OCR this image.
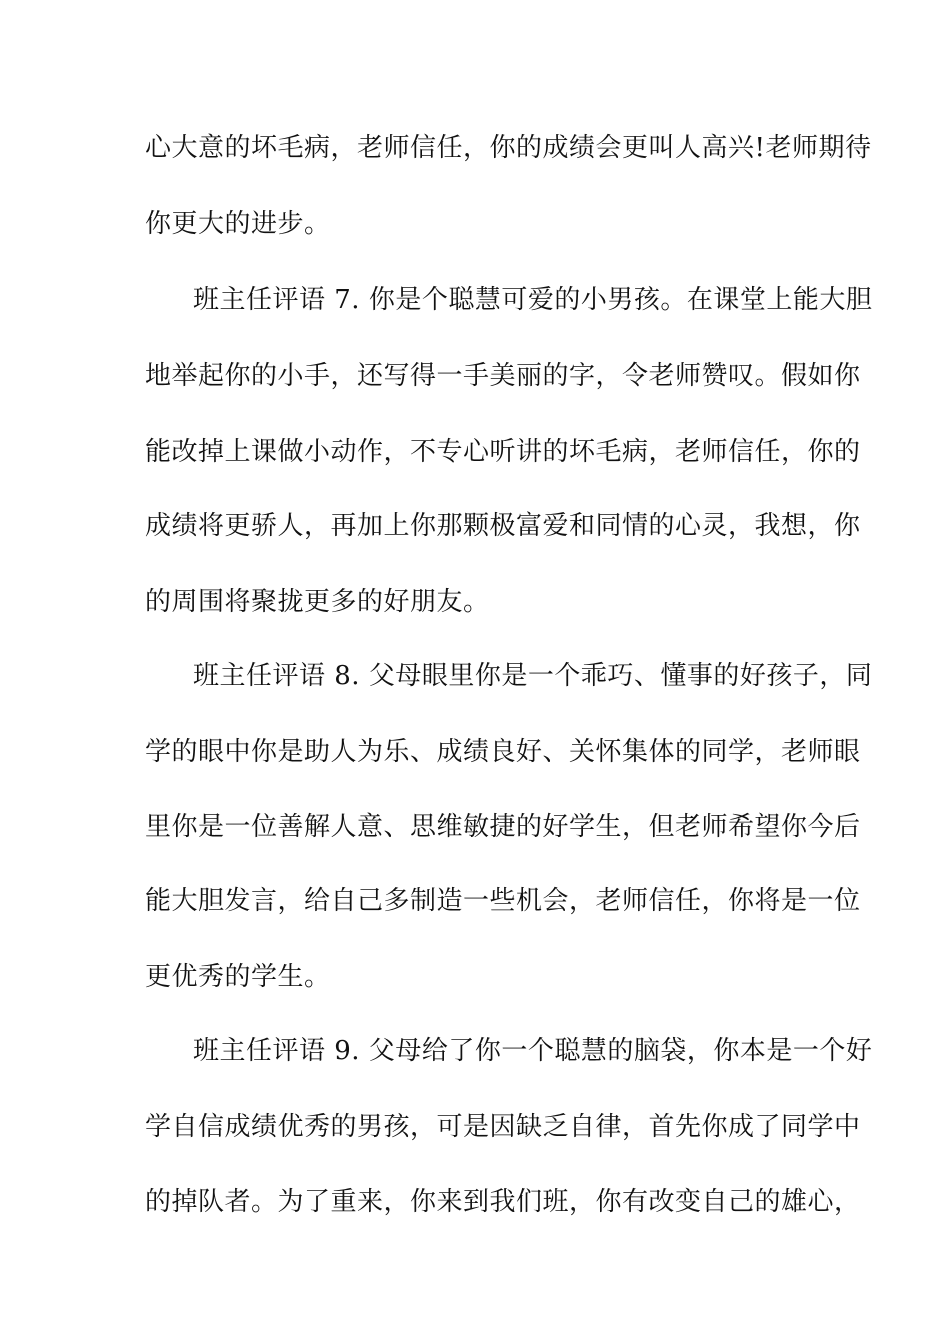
心大意的坏毛病，老师信任，你的成绩会更叫人高兴!老师期待
你更大的进步。
班主任评语 7. 你是个聪慧可爱的小男孩。在课堂上能大胆
地举起你的小手，还写得一手美丽的字，令老师赞叹。假如你
能改掉上课做小动作，不专心听讲的坏毛病，老师信任，你的
成绩将更骄人，再加上你那颗极富爱和同情的心灵，我想，你
的周围将聚拢更多的好朋友。
班主任评语 8. 父母眼里你是一个乖巧、懂事的好孩子，同
学的眼中你是助人为乐、成绩良好、关怀集体的同学，老师眼
里你是一位善解人意、思维敏捷的好学生，但老师希望你今后
能大胆发言，给自己多制造一些机会，老师信任，你将是一位
更优秀的学生。
班主任评语 9. 父母给了你一个聪慧的脑袋，你本是一个好
学自信成绩优秀的男孩，可是因缺乏自律，首先你成了同学中
的掉队者。为了重来，你来到我们班，你有改变自己的雄心，
